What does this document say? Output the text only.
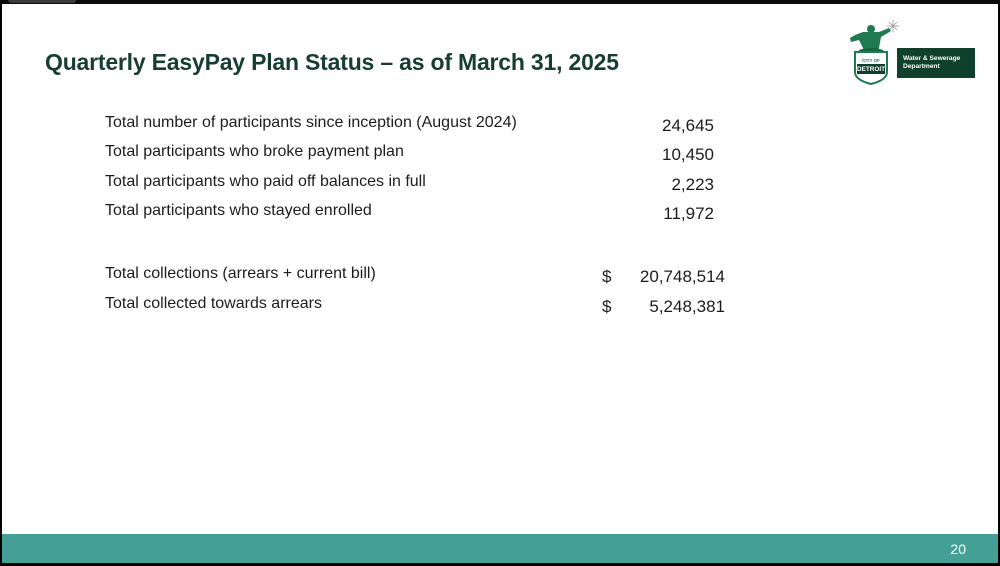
Quarterly EasyPay Plan Status – as of March 31, 2025	CITY OF
DETROIT
Water & Sewerage
Department
Total number of participants since inception (August 2024)	24,645
Total participants who broke payment plan	10,450
Total participants who paid off balances in full	2,223
Total participants who stayed enrolled	11,972
Total collections (arrears + current bill)	$ 20,748,514
Total collected towards arrears	$ 5,248,381
20
